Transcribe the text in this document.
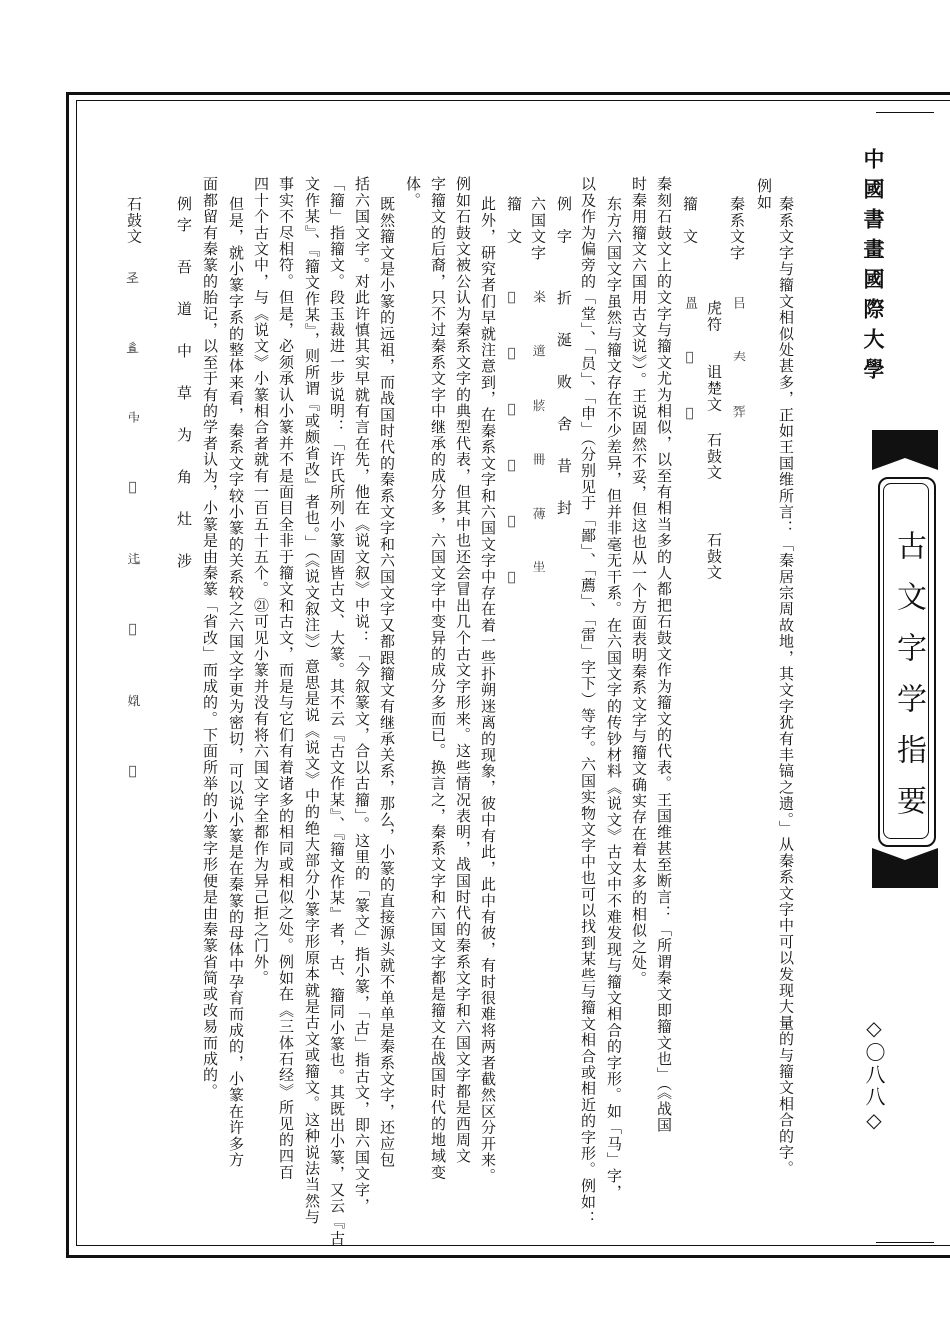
中國書畫國際大學
古文字学指要
◇〇八八◇
秦系文字与籀文相似处甚多，正如王国维所言：「秦居宗周故地，其文字犹有丰镐之遗。」从秦系文字中可以发现大量的与籀文相合的字。
例如
秦系文字
籀　文
秦刻石鼓文上的文字与籀文尤为相似，以至有相当多的人都把石鼓文作为籀文的代表。王国维甚至断言：「所谓秦文即籀文也」（《战国
时秦用籀文六国用古文说》）。王说固然不妥，但这也从一个方面表明秦系文字与籀文确实存在着太多的相似之处。
东方六国文字虽然与籀文存在不少差异，但并非毫无干系。在六国文字的传钞材料《说文》古文中不难发现与籀文相合的字形。如「马」字，
以及作为偏旁的「堂」、「员」、「申」（分别见于「鄙」、「薦」、「雷」字下）等字。六国实物文字中也可以找到某些与籀文相合或相近的字形。例如：
例　字
六国文字
籀　文
此外，研究者们早就注意到，在秦系文字和六国文字中存在着一些扑朔迷离的现象，彼中有此，此中有彼，有时很难将两者截然区分开来。
例如石鼓文被公认为秦系文字的典型代表，但其中也还会冒出几个古文字形来。这些情况表明，战国时代的秦系文字和六国文字都是西周文
字籀文的后裔，只不过秦系文字中继承的成分多，六国文字中变异的成分多而已。换言之，秦系文字和六国文字都是籀文在战国时代的地域变
体。
既然籀文是小篆的远祖，而战国时代的秦系文字和六国文字又都跟籀文有继承关系，那么，小篆的直接源头就不单单是秦系文字，还应包
括六国文字。对此许慎其实早就有言在先，他在《说文叙》中说：「今叙篆文，合以古籀」。这里的「篆文」指小篆，「古」指古文，即六国文字，
「籀」指籀文。段玉裁进一步说明：「许氏所列小篆固皆古文、大篆。其不云『古文作某』、『籀文作某』者，古、籀同小篆也。其既出小篆，又云『古
文作某』、『籀文作某』，则所谓『或颇省改』者也。」（《说文叙注》）意思是说《说文》中的绝大部分小篆字形原本就是古文或籀文。这种说法当然与
事实不尽相符。但是，必须承认小篆并不是面目全非于籀文和古文，而是与它们有着诸多的相同或相似之处。例如在《三体石经》所见的四百
四十个古文中，与《说文》小篆相合者就有一百五十五个。㉑可见小篆并没有将六国文字全都作为异己拒之门外。
但是，就小篆字系的整体来看，秦系文字较小篆的关系较之六国文字更为密切，可以说小篆是在秦篆的母体中孕育而成的，小篆在许多方
面都留有秦篆的胎记，以至于有的学者认为，小篆是由秦篆「省改」而成的。下面所举的小篆字形便是由秦篆省简或改易而成的。
例字　吾　道　中　草　为　角　灶　涉
石鼓文
虎符
诅楚文
石鼓文
石鼓文
折　涎　败　舍　昔　封	㠯　𡗗　𢍈
𥁕　𡩜　𣘘
𣏦　𨗁　𤖈　𠕋　𦺉　𡉚
𨖲　𢔢　𥏽　𤔜　𠦄　𡊄
𢀖　𢒉　𠁩　𦹘　𨑞　𠆧　𡝦　𥜻
